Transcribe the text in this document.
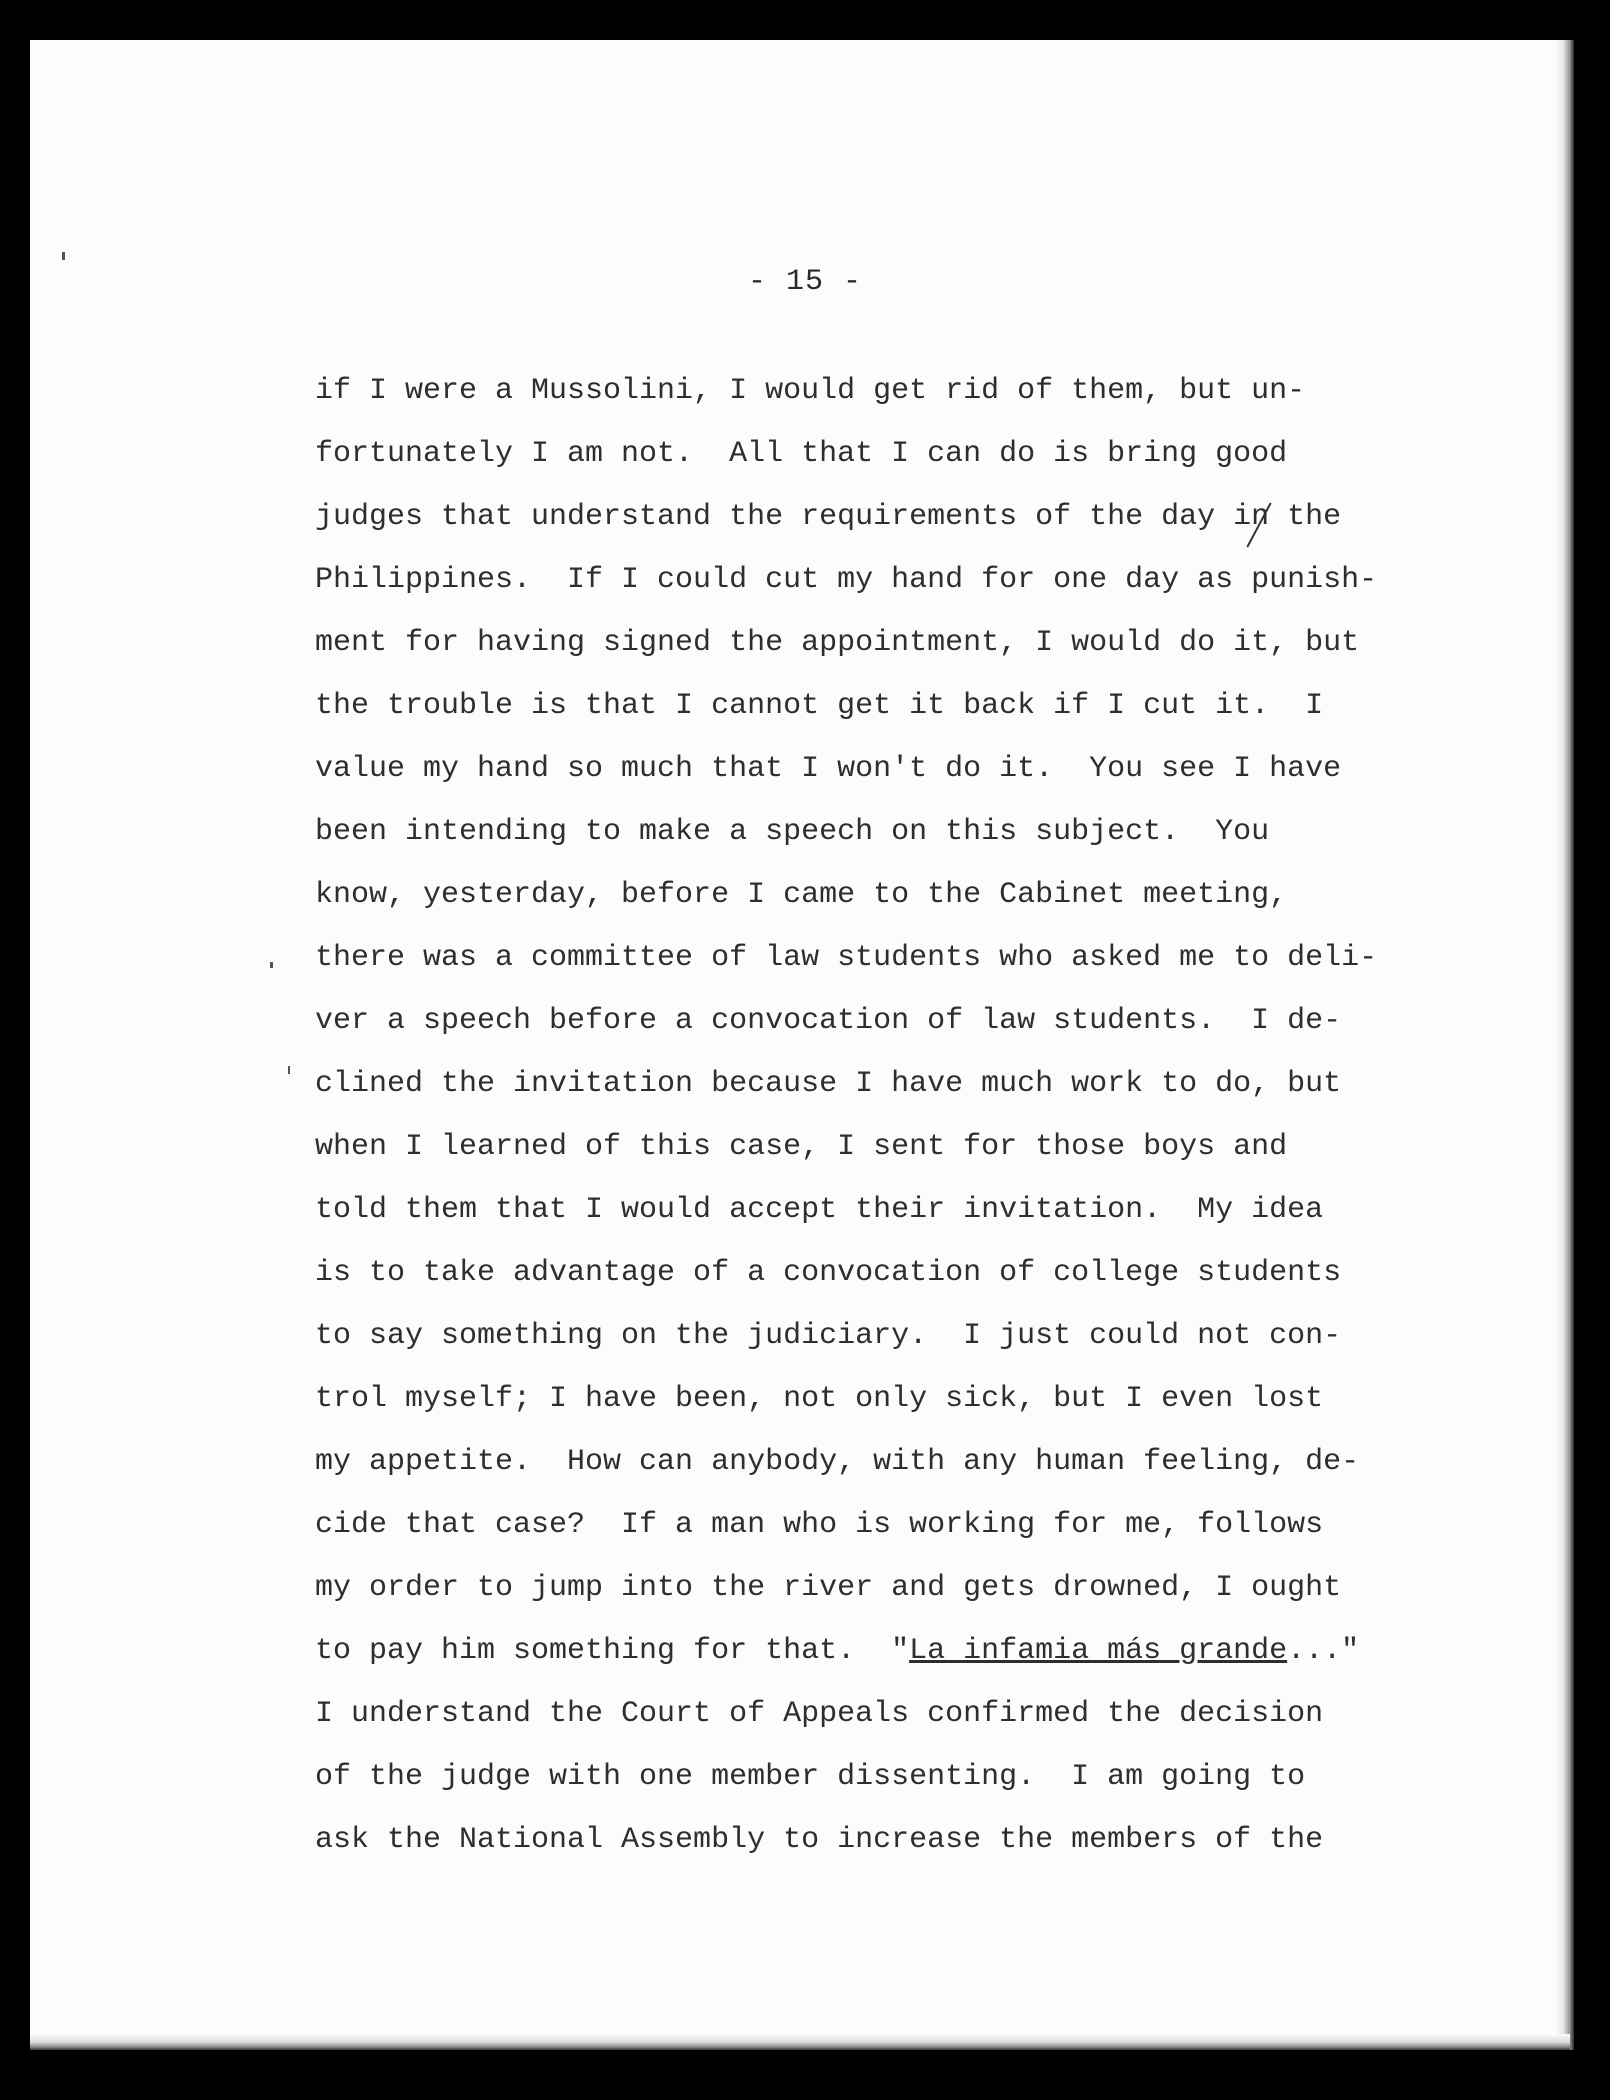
- 15 -
if I were a Mussolini, I would get rid of them, but un-
fortunately I am not.  All that I can do is bring good
judges that understand the requirements of the day in the
Philippines.  If I could cut my hand for one day as punish-
ment for having signed the appointment, I would do it, but
the trouble is that I cannot get it back if I cut it.  I
value my hand so much that I won't do it.  You see I have
been intending to make a speech on this subject.  You
know, yesterday, before I came to the Cabinet meeting,
there was a committee of law students who asked me to deli-
ver a speech before a convocation of law students.  I de-
clined the invitation because I have much work to do, but
when I learned of this case, I sent for those boys and
told them that I would accept their invitation.  My idea
is to take advantage of a convocation of college students
to say something on the judiciary.  I just could not con-
trol myself; I have been, not only sick, but I even lost
my appetite.  How can anybody, with any human feeling, de-
cide that case?  If a man who is working for me, follows
my order to jump into the river and gets drowned, I ought
to pay him something for that.  "La infamia más grande..."
I understand the Court of Appeals confirmed the decision
of the judge with one member dissenting.  I am going to
ask the National Assembly to increase the members of the
